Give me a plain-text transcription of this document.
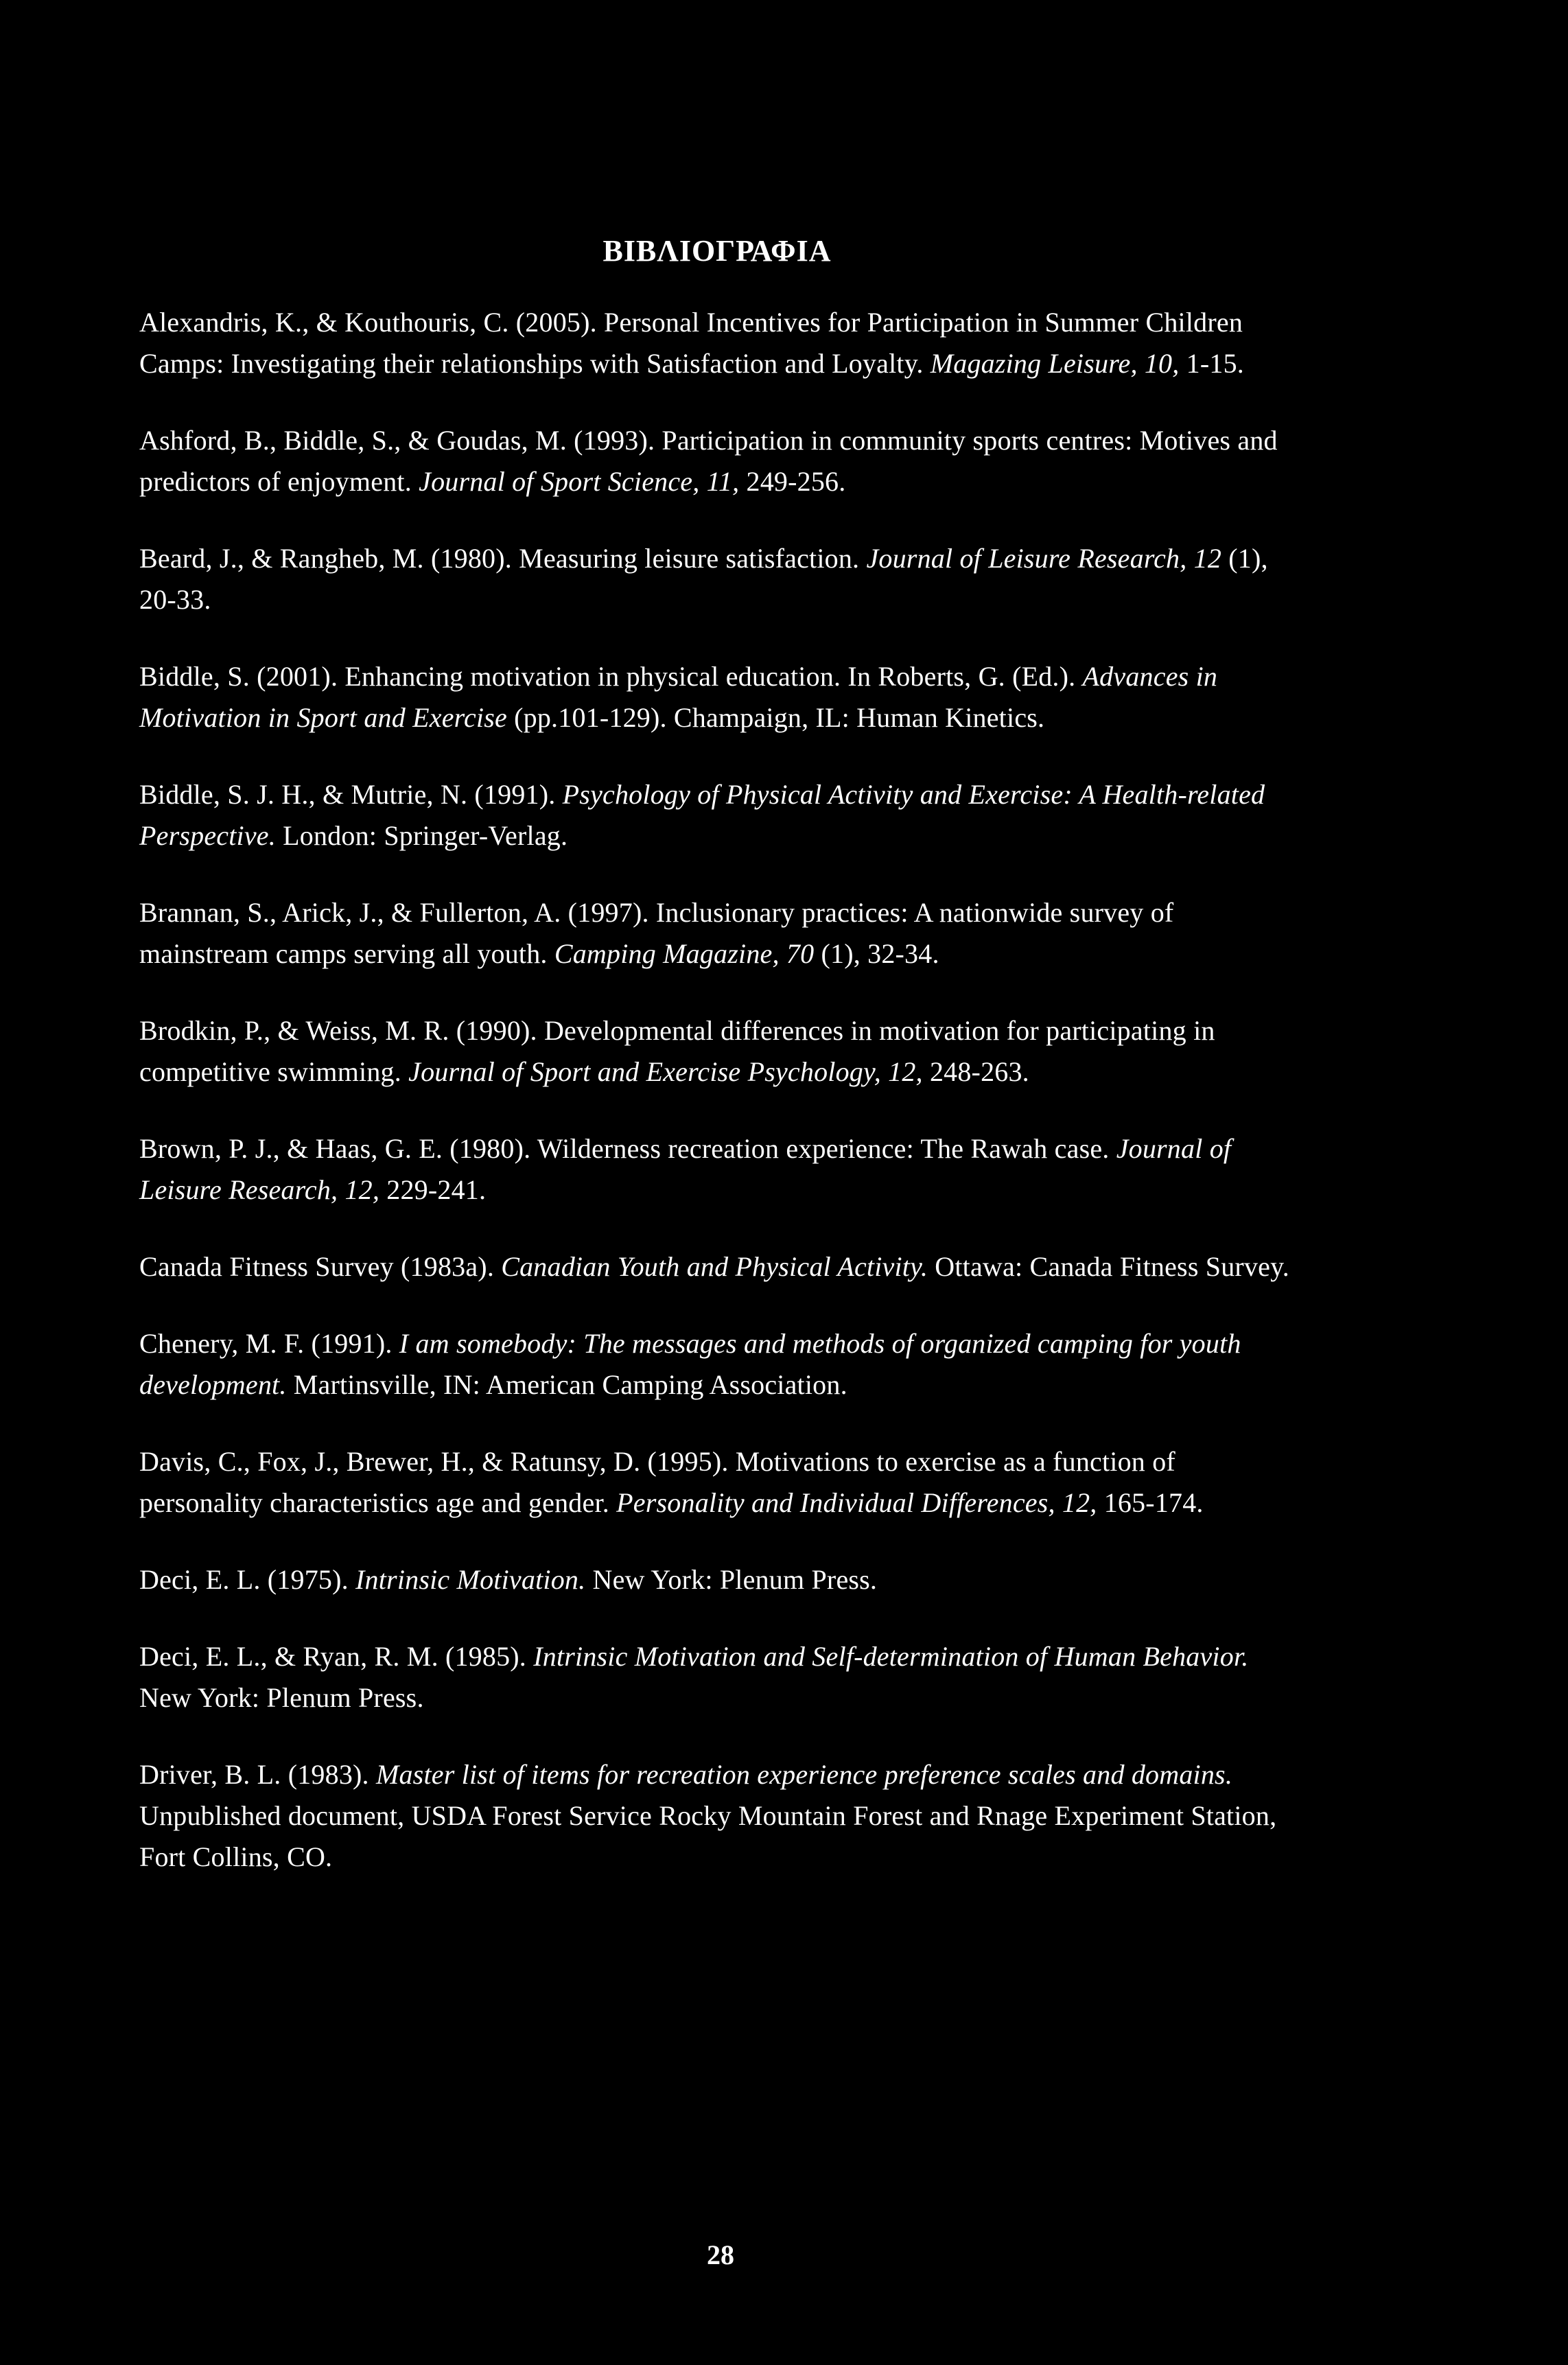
ΒΙΒΛΙΟΓΡΑΦΙΑ
Alexandris, K., & Kouthouris, C. (2005). Personal Incentives for Participation in Summer Children Camps: Investigating their relationships with Satisfaction and Loyalty. Magazing Leisure, 10, 1-15.
Ashford, B., Biddle, S., & Goudas, M. (1993). Participation in community sports centres: Motives and predictors of enjoyment. Journal of Sport Science, 11, 249-256.
Beard, J., & Rangheb, M. (1980). Measuring leisure satisfaction. Journal of Leisure Research, 12 (1), 20-33.
Biddle, S. (2001). Enhancing motivation in physical education. In Roberts, G. (Ed.). Advances in Motivation in Sport and Exercise (pp.101-129). Champaign, IL: Human Kinetics.
Biddle, S. J. H., & Mutrie, N. (1991). Psychology of Physical Activity and Exercise: A Health-related Perspective. London: Springer-Verlag.
Brannan, S., Arick, J., & Fullerton, A. (1997). Inclusionary practices: A nationwide survey of mainstream camps serving all youth. Camping Magazine, 70 (1), 32-34.
Brodkin, P., & Weiss, M. R. (1990). Developmental differences in motivation for participating in competitive swimming. Journal of Sport and Exercise Psychology, 12, 248-263.
Brown, P. J., & Haas, G. E. (1980). Wilderness recreation experience: The Rawah case. Journal of Leisure Research, 12, 229-241.
Canada Fitness Survey (1983a). Canadian Youth and Physical Activity. Ottawa: Canada Fitness Survey.
Chenery, M. F. (1991). I am somebody: The messages and methods of organized camping for youth development. Martinsville, IN: American Camping Association.
Davis, C., Fox, J., Brewer, H., & Ratunsy, D. (1995). Motivations to exercise as a function of personality characteristics age and gender. Personality and Individual Differences, 12, 165-174.
Deci, E. L. (1975). Intrinsic Motivation. New York: Plenum Press.
Deci, E. L., & Ryan, R. M. (1985). Intrinsic Motivation and Self-determination of Human Behavior. New York: Plenum Press.
Driver, B. L. (1983). Master list of items for recreation experience preference scales and domains. Unpublished document, USDA Forest Service Rocky Mountain Forest and Rnage Experiment Station, Fort Collins, CO.
28
